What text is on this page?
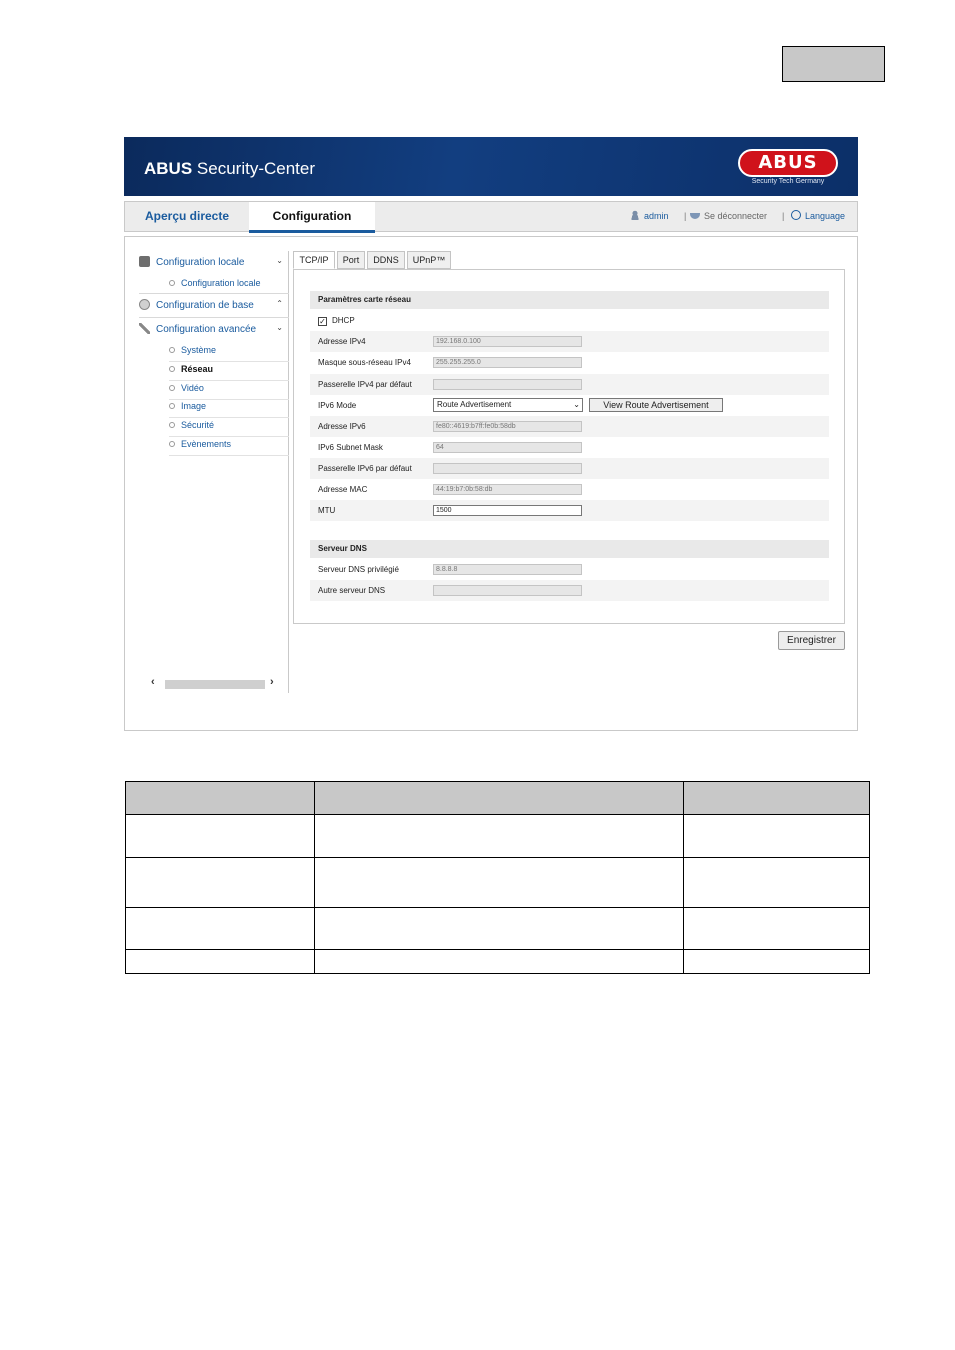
ABUS Security-Center	ABUS
Security Tech Germany
Aperçu directe	Configuration	admin	|	Se déconnecter	|	Language
Configuration locale	⌄
Configuration locale
Configuration de base	⌃
Configuration avancée	⌄
Système
Réseau
Vidéo
Image
Sécurité
Evènements
‹	›
TCP/IP	Port	DDNS	UPnP™
Paramètres carte réseau
✓ DHCP
Adresse IPv4	192.168.0.100
Masque sous-réseau IPv4	255.255.255.0
Passerelle IPv4 par défaut
IPv6 Mode	Route Advertisement	⌄	View Route Advertisement
Adresse IPv6	fe80::4619:b7ff:fe0b:58db
IPv6 Subnet Mask	64
Passerelle IPv6 par défaut
Adresse MAC	44:19:b7:0b:58:db
MTU	1500
Serveur DNS
Serveur DNS privilégié	8.8.8.8
Autre serveur DNS
Enregistrer
